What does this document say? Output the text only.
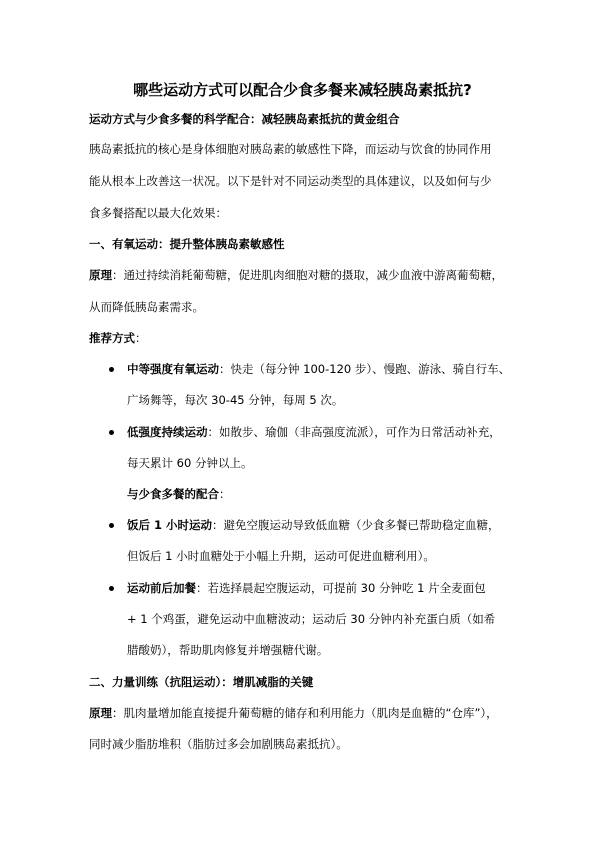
哪些运动方式可以配合少食多餐来减轻胰岛素抵抗?
运动方式与少食多餐的科学配合：减轻胰岛素抵抗的黄金组合
胰岛素抵抗的核心是身体细胞对胰岛素的敏感性下降，而运动与饮食的协同作用
能从根本上改善这一状况。以下是针对不同运动类型的具体建议，以及如何与少
食多餐搭配以最大化效果：
一、有氧运动：提升整体胰岛素敏感性
原理：通过持续消耗葡萄糖，促进肌肉细胞对糖的摄取，减少血液中游离葡萄糖，
从而降低胰岛素需求。
推荐方式：
中等强度有氧运动：快走（每分钟 100-120 步）、慢跑、游泳、骑自行车、
广场舞等，每次 30-45 分钟，每周 5 次。
低强度持续运动：如散步、瑜伽（非高强度流派），可作为日常活动补充，
每天累计 60 分钟以上。
与少食多餐的配合：
饭后 1 小时运动：避免空腹运动导致低血糖（少食多餐已帮助稳定血糖，
但饭后 1 小时血糖处于小幅上升期，运动可促进血糖利用）。
运动前后加餐：若选择晨起空腹运动，可提前 30 分钟吃 1 片全麦面包
+ 1 个鸡蛋，避免运动中血糖波动；运动后 30 分钟内补充蛋白质（如希
腊酸奶），帮助肌肉修复并增强糖代谢。
二、力量训练（抗阻运动）：增肌减脂的关键
原理：肌肉量增加能直接提升葡萄糖的储存和利用能力（肌肉是血糖的“仓库”），
同时减少脂肪堆积（脂肪过多会加剧胰岛素抵抗）。
